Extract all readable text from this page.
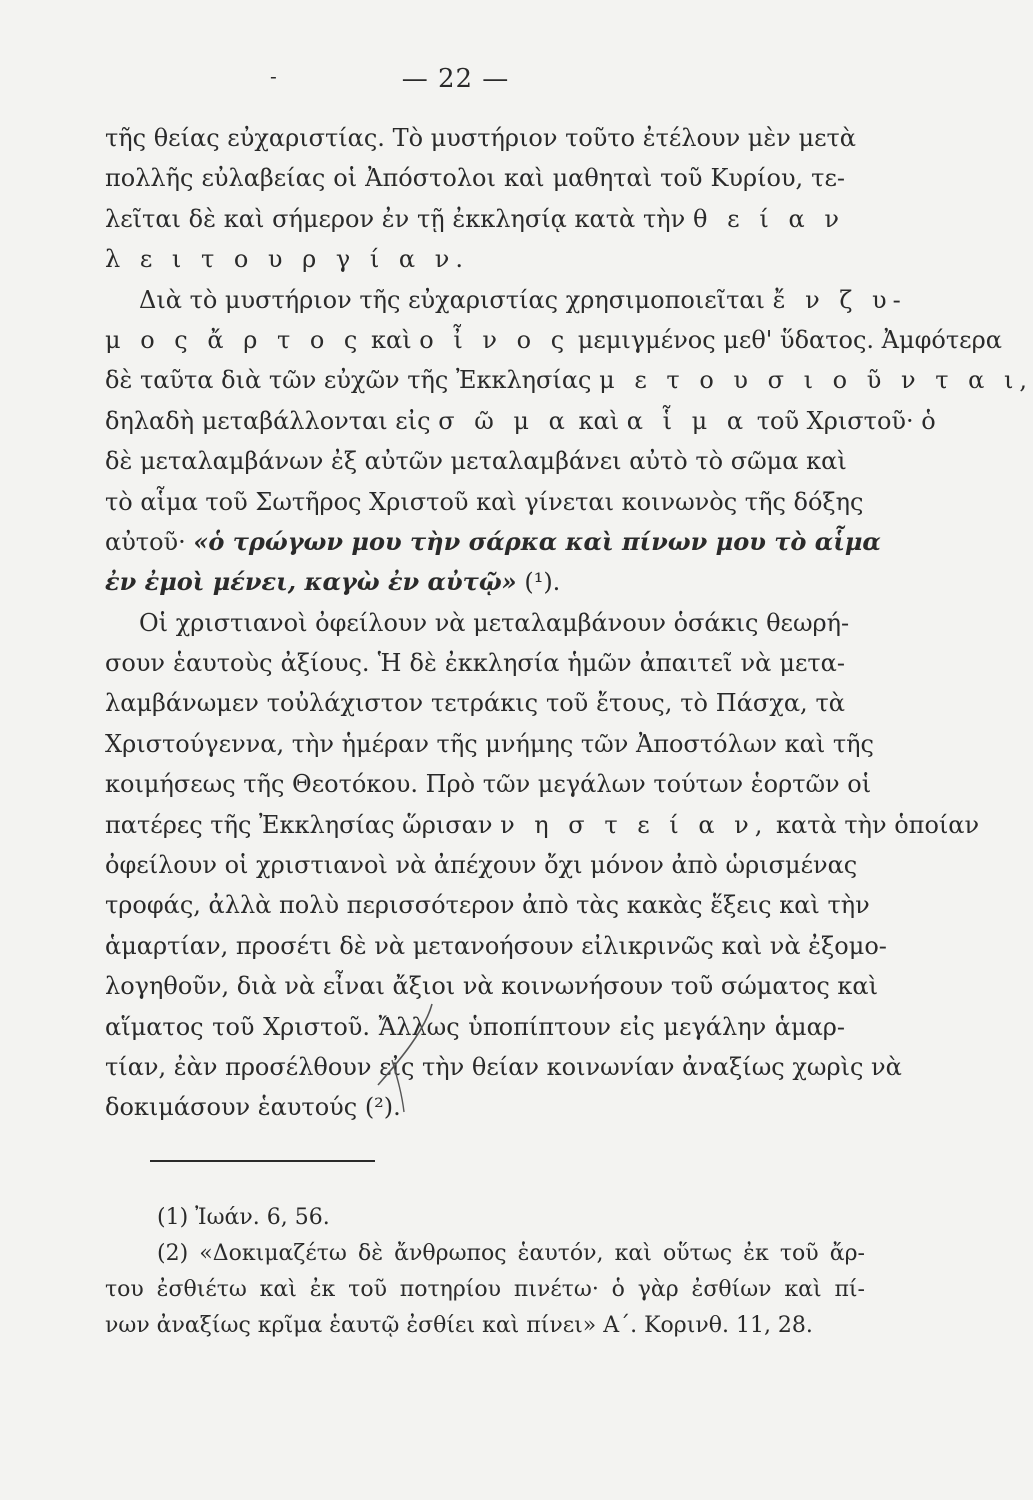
-	— 22 —
τῆς θείας εὐχαριστίας. Τὸ μυστήριον τοῦτο ἐτέλουν μὲν μετὰ
πολλῆς εὐλαβείας οἱ Ἀπόστολοι καὶ μαθηταὶ τοῦ Κυρίου, τε-
λεῖται δὲ καὶ σήμερον ἐν τῇ ἐκκλησίᾳ κατὰ τὴν θ ε ί α ν
λ ε ι τ ο υ ρ γ ί α ν.
Διὰ τὸ μυστήριον τῆς εὐχαριστίας χρησιμοποιεῖται ἔ ν ζ υ-
μ ο ς ἄ ρ τ ο ς καὶ ο ἶ ν ο ς μεμιγμένος μεθ' ὕδατος. Ἀμφότερα
δὲ ταῦτα διὰ τῶν εὐχῶν τῆς Ἐκκλησίας μ ε τ ο υ σ ι ο ῦ ν τ α ι,
δηλαδὴ μεταβάλλονται εἰς σ ῶ μ α καὶ α ἷ μ α τοῦ Χριστοῦ· ὁ
δὲ μεταλαμβάνων ἐξ αὐτῶν μεταλαμβάνει αὐτὸ τὸ σῶμα καὶ
τὸ αἷμα τοῦ Σωτῆρος Χριστοῦ καὶ γίνεται κοινωνὸς τῆς δόξης
αὐτοῦ· «ὁ τρώγων μου τὴν σάρκα καὶ πίνων μου τὸ αἷμα
ἐν ἐμοὶ μένει, καγὼ ἐν αὐτῷ» (¹).
Οἱ χριστιανοὶ ὀφείλουν νὰ μεταλαμβάνουν ὁσάκις θεωρή-
σουν ἑαυτοὺς ἀξίους. Ἡ δὲ ἐκκλησία ἡμῶν ἀπαιτεῖ νὰ μετα-
λαμβάνωμεν τοὐλάχιστον τετράκις τοῦ ἔτους, τὸ Πάσχα, τὰ
Χριστούγεννα, τὴν ἡμέραν τῆς μνήμης τῶν Ἀποστόλων καὶ τῆς
κοιμήσεως τῆς Θεοτόκου. Πρὸ τῶν μεγάλων τούτων ἑορτῶν οἱ
πατέρες τῆς Ἐκκλησίας ὥρισαν ν η σ τ ε ί α ν, κατὰ τὴν ὁποίαν
ὀφείλουν οἱ χριστιανοὶ νὰ ἀπέχουν ὄχι μόνον ἀπὸ ὡρισμένας
τροφάς, ἀλλὰ πολὺ περισσότερον ἀπὸ τὰς κακὰς ἕξεις καὶ τὴν
ἁμαρτίαν, προσέτι δὲ νὰ μετανοήσουν εἰλικρινῶς καὶ νὰ ἐξομο-
λογηθοῦν, διὰ νὰ εἶναι ἄξιοι νὰ κοινωνήσουν τοῦ σώματος καὶ
αἵματος τοῦ Χριστοῦ. Ἄλλως ὑποπίπτουν εἰς μεγάλην ἁμαρ-
τίαν, ἐὰν προσέλθουν εἰς τὴν θείαν κοινωνίαν ἀναξίως χωρὶς νὰ
δοκιμάσουν ἑαυτούς (²).
(1) Ἰωάν. 6, 56.
(2) «Δοκιμαζέτω δὲ ἄνθρωπος ἑαυτόν, καὶ οὕτως ἐκ τοῦ ἄρ-
του ἐσθιέτω καὶ ἐκ τοῦ ποτηρίου πινέτω· ὁ γὰρ ἐσθίων καὶ πί-
νων ἀναξίως κρῖμα ἑαυτῷ ἐσθίει καὶ πίνει» Α΄. Κορινθ. 11, 28.
